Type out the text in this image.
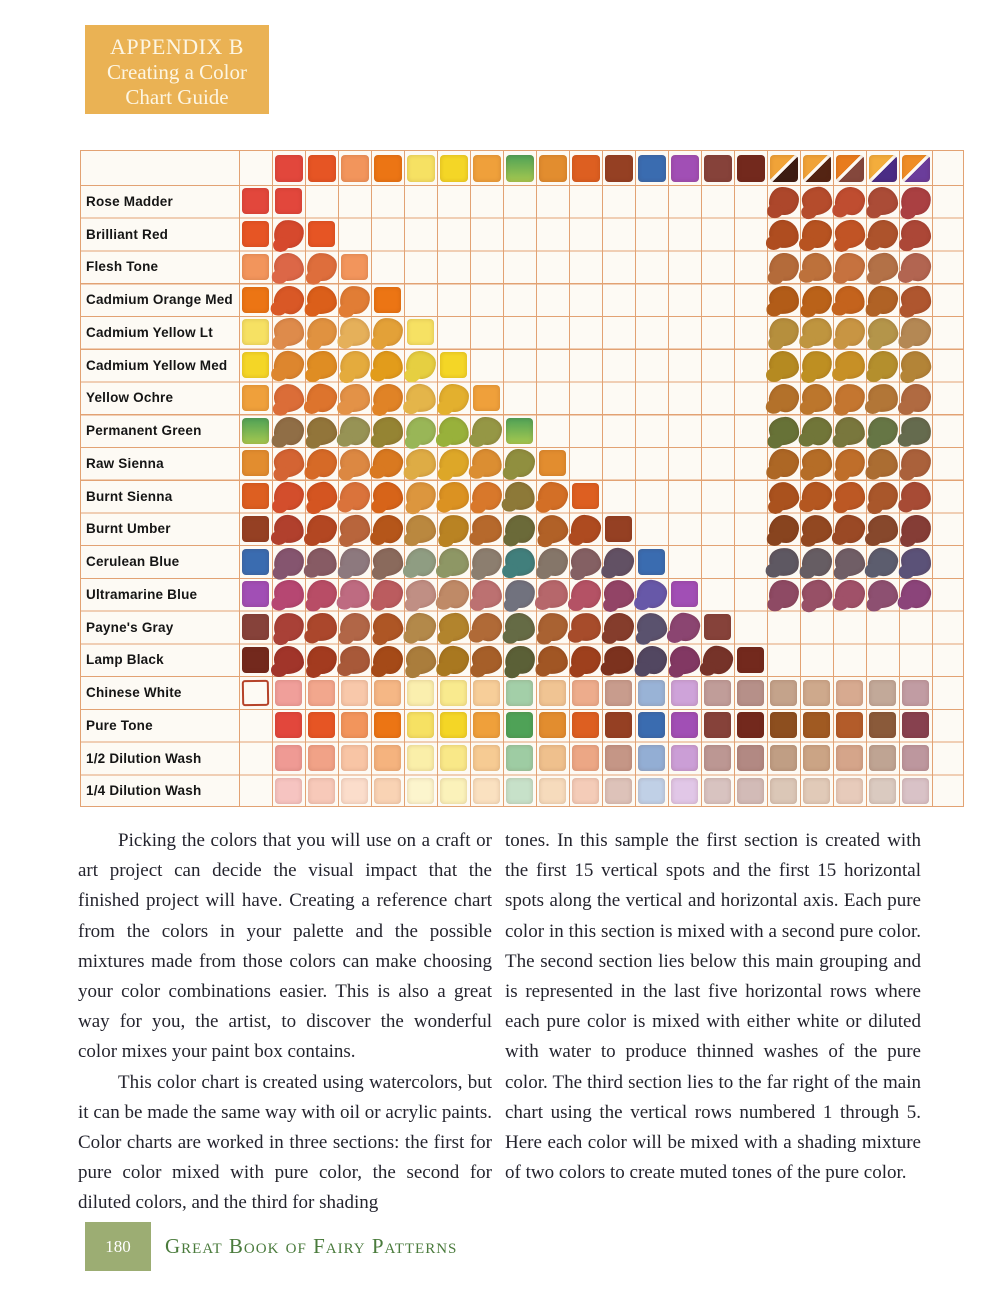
APPENDIX B
Creating a Color
Chart Guide
Rose Madder
Brilliant Red
Flesh Tone
Cadmium Orange Med
Cadmium Yellow Lt
Cadmium Yellow Med
Yellow Ochre
Permanent Green
Raw Sienna
Burnt Sienna
Burnt Umber
Cerulean Blue
Ultramarine Blue
Payne's Gray
Lamp Black
Chinese White
Pure Tone
1/2 Dilution Wash
1/4 Dilution Wash

Picking the colors that you will use on a craft or art project can decide the visual impact that the finished project will have. Creating a reference chart from the colors in your palette and the possible mixtures made from those colors can make choosing your color combinations easier. This is also a great way for you, the artist, to discover the wonderful color mixes your paint box contains.

This color chart is created using watercolors, but it can be made the same way with oil or acrylic paints. Color charts are worked in three sections: the first for pure color mixed with pure color, the second for diluted colors, and the third for shading

tones. In this sample the first section is created with the first 15 vertical spots and the first 15 horizontal spots along the vertical and horizontal axis. Each pure color in this section is mixed with a second pure color. The second section lies below this main grouping and is represented in the last five horizontal rows where each pure color is mixed with either white or diluted with water to produce thinned washes of the pure color. The third section lies to the far right of the main chart using the vertical rows numbered 1 through 5. Here each color will be mixed with a shading mixture of two colors to create muted tones of the pure color.

180 Great Book of Fairy Patterns
